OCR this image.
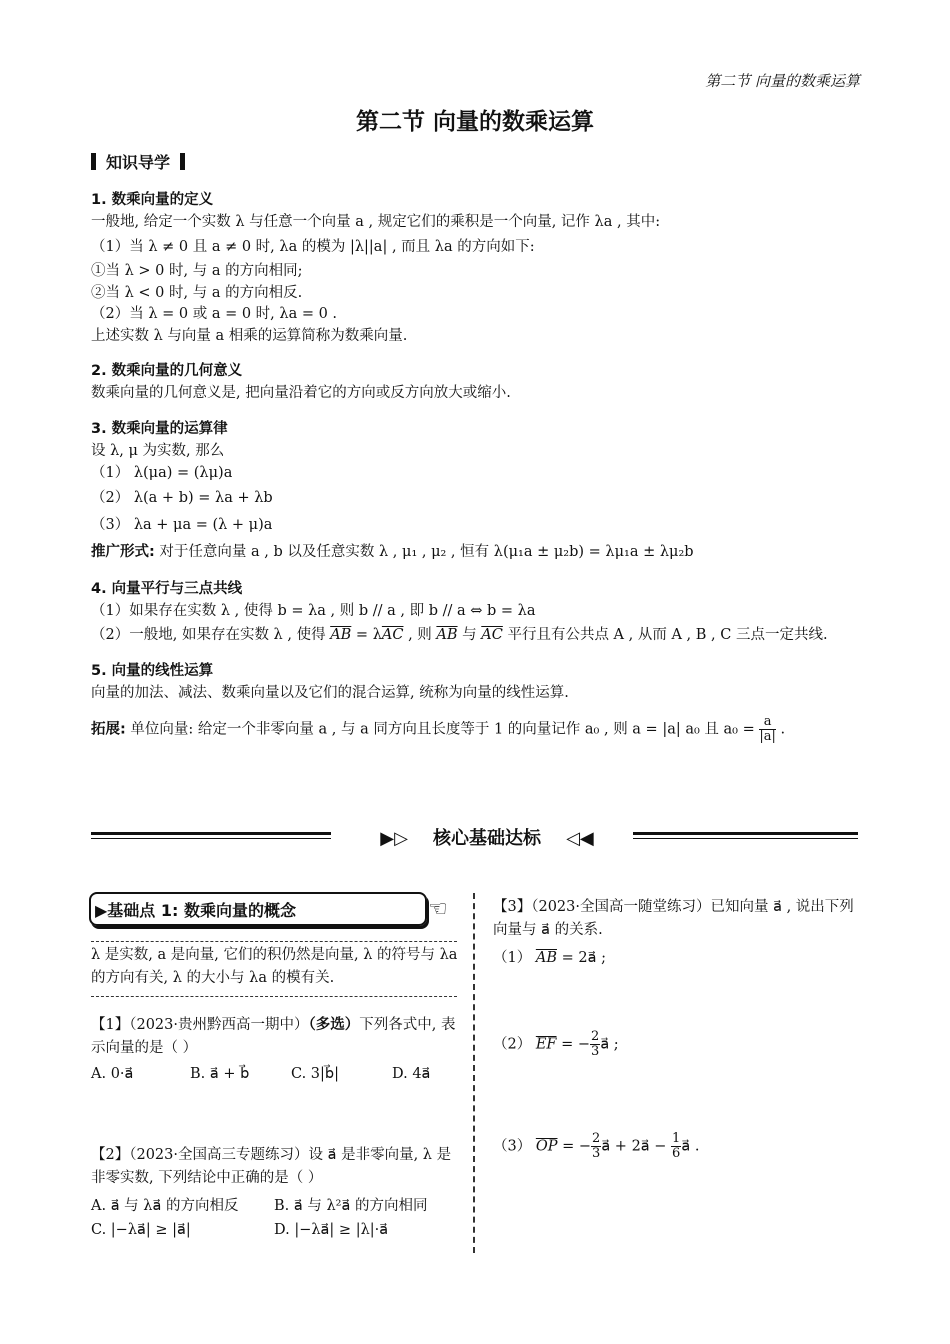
第二节 向量的数乘运算
第二节 向量的数乘运算
知识导学
1. 数乘向量的定义
一般地, 给定一个实数 λ 与任意一个向量 a , 规定它们的乘积是一个向量, 记作 λa , 其中:
（1）当 λ ≠ 0 且 a ≠ 0 时, λa 的模为 |λ||a| , 而且 λa 的方向如下:
①当 λ > 0 时, 与 a 的方向相同;
②当 λ < 0 时, 与 a 的方向相反.
（2）当 λ = 0 或 a = 0 时, λa = 0 .
上述实数 λ 与向量 a 相乘的运算简称为数乘向量.
2. 数乘向量的几何意义
数乘向量的几何意义是, 把向量沿着它的方向或反方向放大或缩小.
3. 数乘向量的运算律
设 λ, μ 为实数, 那么
（1） λ(μa) = (λμ)a
（2） λ(a + b) = λa + λb
（3） λa + μa = (λ + μ)a
推广形式: 对于任意向量 a , b 以及任意实数 λ , μ₁ , μ₂ , 恒有 λ(μ₁a ± μ₂b) = λμ₁a ± λμ₂b
4. 向量平行与三点共线
（1）如果存在实数 λ , 使得 b = λa , 则 b // a , 即 b // a ⇔ b = λa
（2）一般地, 如果存在实数 λ , 使得 $\overline{AB} = \lambda\overline{AC}$ , 则 $\overline{AB}$ 与 $\overline{AC}$ 平行且有公共点 A , 从而 A , B , C 三点一定共线.
5. 向量的线性运算
向量的加法、减法、数乘向量以及它们的混合运算, 统称为向量的线性运算.
拓展: 单位向量: 给定一个非零向量 a , 与 a 同方向且长度等于 1 的向量记作 a₀ , 则 a = |a| a₀ 且 $a_0 = \frac{a}{|a|}$ .
▶▷ 核心基础达标 ◁◀
▶基础点 1: 数乘向量的概念	☜
λ 是实数, a 是向量, 它们的积仍然是向量, λ 的符号与 λa 的方向有关, λ 的大小与 λa 的模有关.
【1】（2023·贵州黔西高一期中）（多选）下列各式中, 表示向量的是（ ）
A. 0·a⃗	B. a⃗ + b⃗	C. 3|b⃗|	D. 4a⃗
【2】（2023·全国高三专题练习）设 a⃗ 是非零向量, λ 是非零实数, 下列结论中正确的是（ ）
A. a⃗ 与 λa⃗ 的方向相反 B. a⃗ 与 λ²a⃗ 的方向相同
C. |−λa⃗| ≥ |a⃗|	D. |−λa⃗| ≥ |λ|·a⃗
【3】（2023·全国高一随堂练习）已知向量 a⃗ , 说出下列向量与 a⃗ 的关系.
（1） $\overline{AB}$ = 2a⃗ ;
（2） $\overline{EF}$ = − $\frac{2}{3}$ a⃗ ;
（3） $\overline{OP}$ = − $\frac{2}{3}$ a⃗ + 2a⃗ − $\frac{1}{6}$ a⃗ .
